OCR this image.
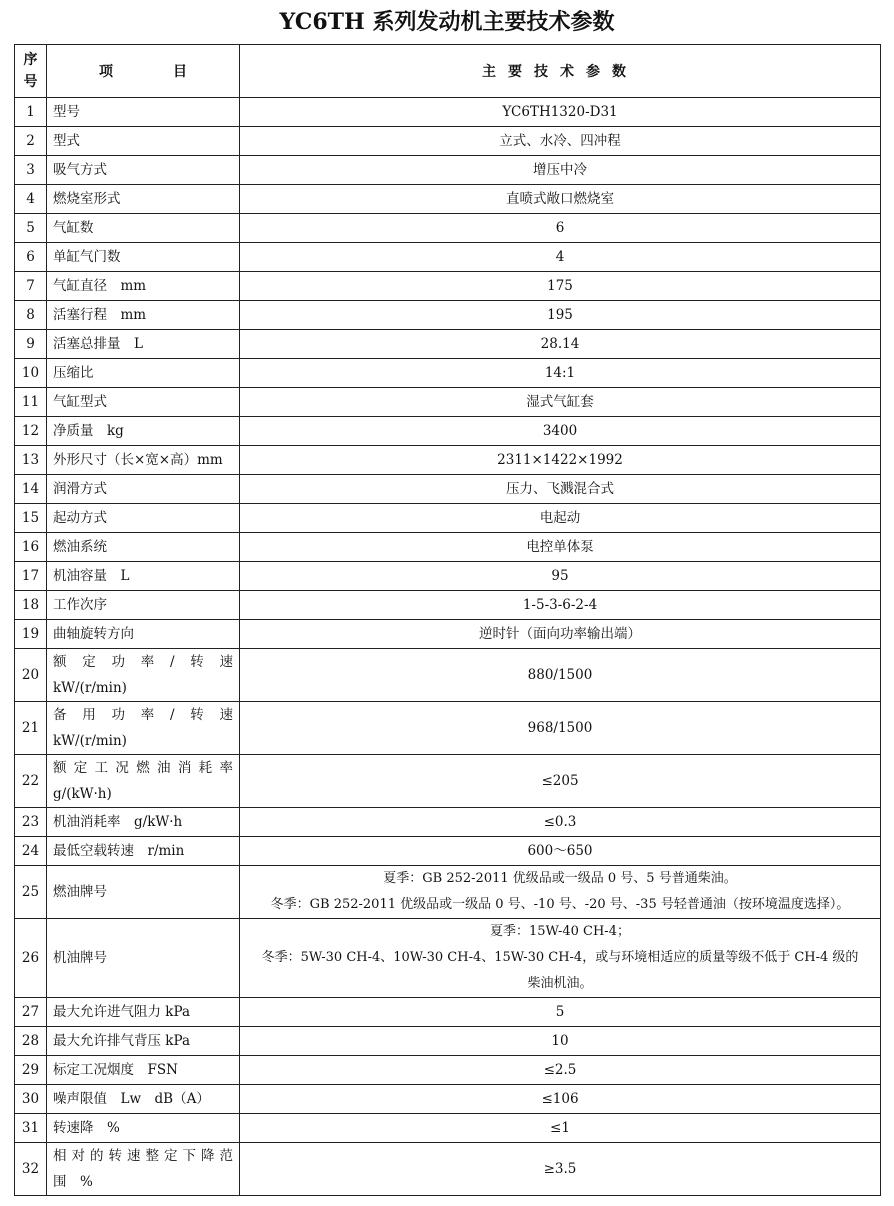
YC6TH 系列发动机主要技术参数
序
号	项 目	主要技术参数
1	型号	YC6TH1320-D31

2	型式	立式、水冷、四冲程

3	吸气方式	增压中冷

4	燃烧室形式	直喷式敞口燃烧室

5	气缸数	6

6	单缸气门数	4

7	气缸直径　mm	175

8	活塞行程　mm	195

9	活塞总排量　L	28.14

10	压缩比	14:1

11	气缸型式	湿式气缸套

12	净质量　kg	3400

13	外形尺寸（长×宽×高）mm	2311×1422×1992

14	润滑方式	压力、飞溅混合式

15	起动方式	电起动

16	燃油系统	电控单体泵

17	机油容量　L	95

18	工作次序	1-5-3-6-2-4

19	曲轴旋转方向	逆时针（面向功率输出端）

20	额定功率/转速
kW/(r/min)	880/1500

21	备用功率/转速
kW/(r/min)	968/1500

22	额定工况燃油消耗率
g/(kW·h)	≤205

23	机油消耗率　g/kW·h	≤0.3

24	最低空载转速　r/min	600～650

25	燃油牌号	夏季：GB 252-2011 优级品或一级品 0 号、5 号普通柴油。
冬季：GB 252-2011 优级品或一级品 0 号、-10 号、-20 号、-35 号轻普通油（按环境温度选择）。

26	机油牌号	夏季：15W-40 CH-4；
冬季：5W-30 CH-4、10W-30 CH-4、15W-30 CH-4，或与环境相适应的质量等级不低于 CH-4 级的
柴油机油。

27	最大允许进气阻力 kPa	5

28	最大允许排气背压 kPa	10

29	标定工况烟度　FSN	≤2.5

30	噪声限值　Lw　dB（A）	≤106

31	转速降　%	≤1

32	相对的转速整定下降范
围　%	≥3.5
